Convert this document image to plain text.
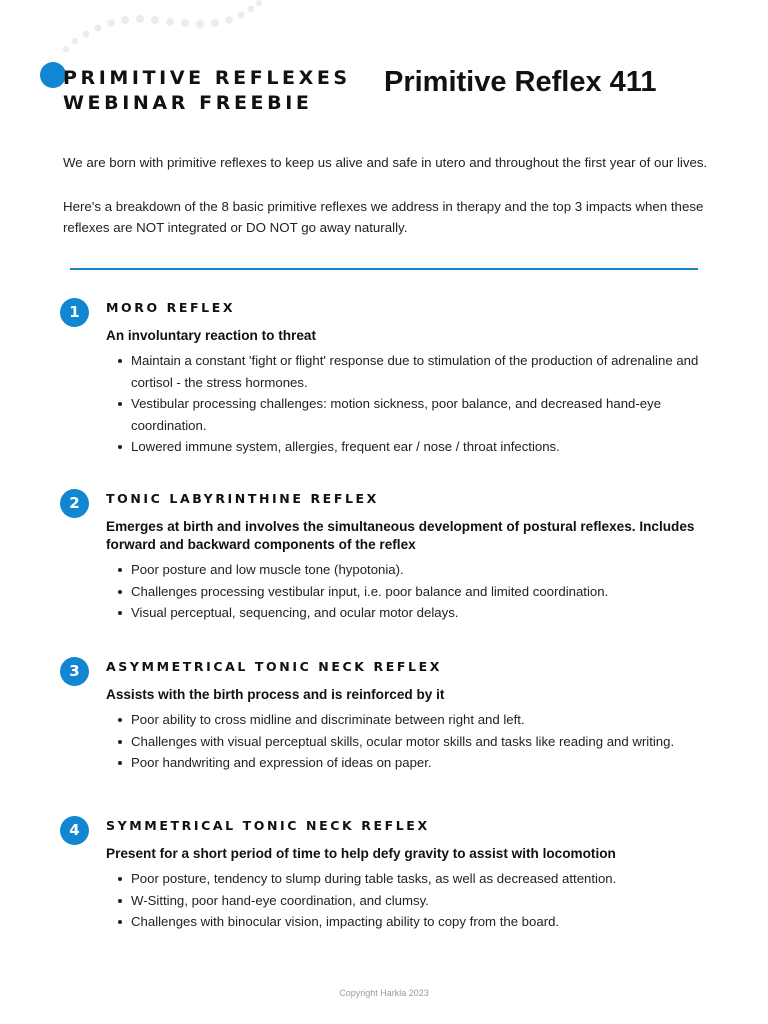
PRIMITIVE REFLEXES
WEBINAR FREEBIE
Primitive Reflex 411

We are born with primitive reflexes to keep us alive and safe in utero and throughout the first year of our lives.

Here's a breakdown of the 8 basic primitive reflexes we address in therapy and the top 3 impacts when these reflexes are NOT integrated or DO NOT go away naturally.

1	MORO REFLEX

An involuntary reaction to threat

Maintain a constant 'fight or flight' response due to stimulation of the production of adrenaline and cortisol - the stress hormones.
Vestibular processing challenges: motion sickness, poor balance, and decreased hand-eye coordination.
Lowered immune system, allergies, frequent ear / nose / throat infections.
2	TONIC LABYRINTHINE REFLEX

Emerges at birth and involves the simultaneous development of postural reflexes. Includes forward and backward components of the reflex

Poor posture and low muscle tone (hypotonia).
Challenges processing vestibular input, i.e. poor balance and limited coordination.
Visual perceptual, sequencing, and ocular motor delays.
3	ASYMMETRICAL TONIC NECK REFLEX

Assists with the birth process and is reinforced by it

Poor ability to cross midline and discriminate between right and left.
Challenges with visual perceptual skills, ocular motor skills and tasks like reading and writing.
Poor handwriting and expression of ideas on paper.
4	SYMMETRICAL TONIC NECK REFLEX

Present for a short period of time to help defy gravity to assist with locomotion

Poor posture, tendency to slump during table tasks, as well as decreased attention.
W-Sitting, poor hand-eye coordination, and clumsy.
Challenges with binocular vision, impacting ability to copy from the board.
Copyright Harkla 2023
